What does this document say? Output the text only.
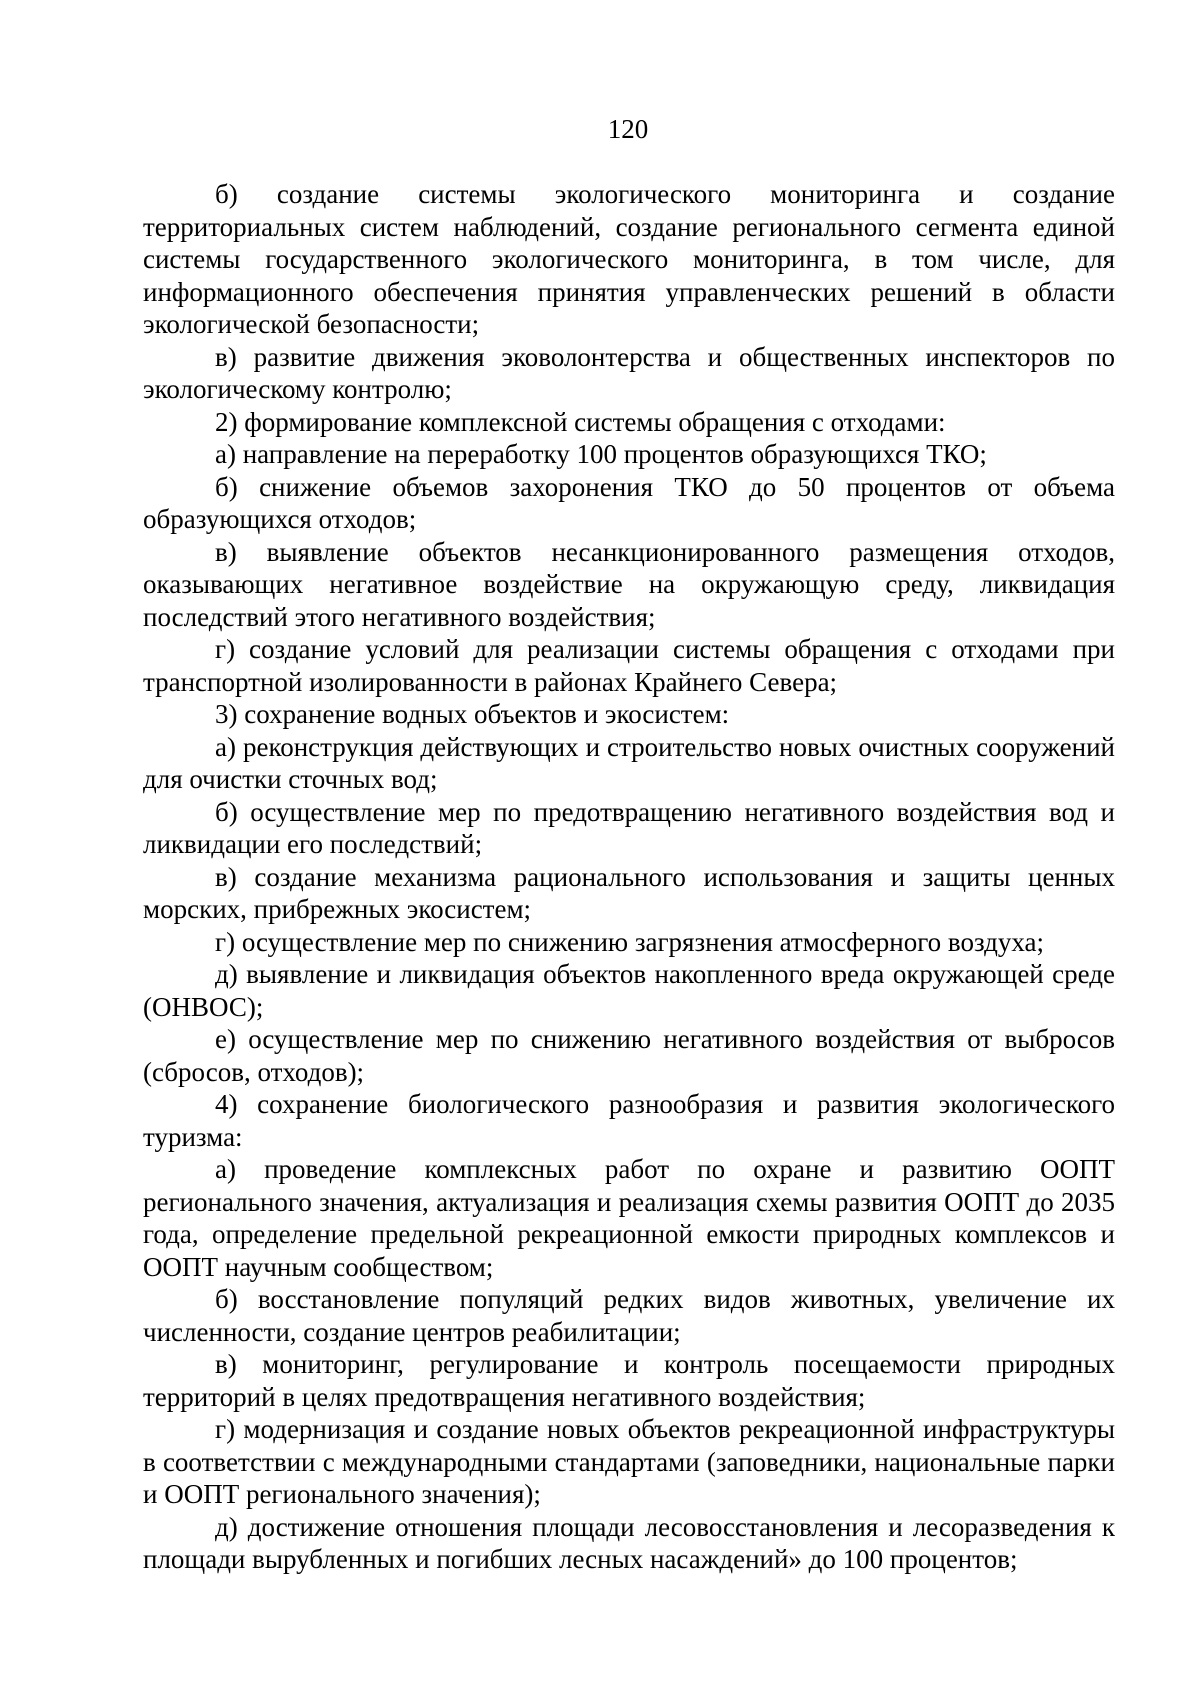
120

б) создание системы экологического мониторинга и создание территориальных систем наблюдений, создание регионального сегмента единой системы государственного экологического мониторинга, в том числе, для информационного обеспечения принятия управленческих решений в области экологической безопасности;

в) развитие движения эковолонтерства и общественных инспекторов по экологическому контролю;

2) формирование комплексной системы обращения с отходами:

а) направление на переработку 100 процентов образующихся ТКО;

б) снижение объемов захоронения ТКО до 50 процентов от объема образующихся отходов;

в) выявление объектов несанкционированного размещения отходов, оказывающих негативное воздействие на окружающую среду, ликвидация последствий этого негативного воздействия;

г) создание условий для реализации системы обращения с отходами при транспортной изолированности в районах Крайнего Севера;

3) сохранение водных объектов и экосистем:

а) реконструкция действующих и строительство новых очистных сооружений для очистки сточных вод;

б) осуществление мер по предотвращению негативного воздействия вод и ликвидации его последствий;

в) создание механизма рационального использования и защиты ценных морских, прибрежных экосистем;

г) осуществление мер по снижению загрязнения атмосферного воздуха;

д) выявление и ликвидация объектов накопленного вреда окружающей среде (ОНВОС);

е) осуществление мер по снижению негативного воздействия от выбросов (сбросов, отходов);

4) сохранение биологического разнообразия и развития экологического туризма:

а) проведение комплексных работ по охране и развитию ООПТ регионального значения, актуализация и реализация схемы развития ООПТ до 2035 года, определение предельной рекреационной емкости природных комплексов и ООПТ научным сообществом;

б) восстановление популяций редких видов животных, увеличение их численности, создание центров реабилитации;

в) мониторинг, регулирование и контроль посещаемости природных территорий в целях предотвращения негативного воздействия;

г) модернизация и создание новых объектов рекреационной инфраструктуры в соответствии с международными стандартами (заповедники, национальные парки и ООПТ регионального значения);

д) достижение отношения площади лесовосстановления и лесоразведения к площади вырубленных и погибших лесных насаждений» до 100 процентов;
